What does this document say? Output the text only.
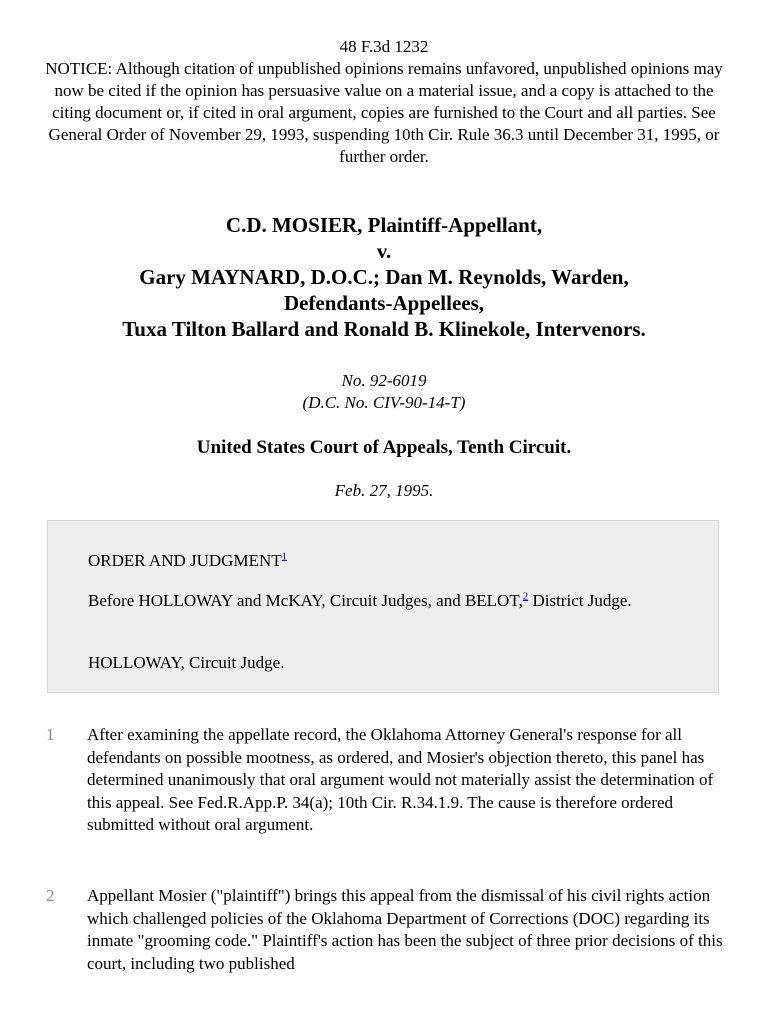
48 F.3d 1232
NOTICE: Although citation of unpublished opinions remains unfavored, unpublished opinions may now be cited if the opinion has persuasive value on a material issue, and a copy is attached to the citing document or, if cited in oral argument, copies are furnished to the Court and all parties. See General Order of November 29, 1993, suspending 10th Cir. Rule 36.3 until December 31, 1995, or further order.
C.D. MOSIER, Plaintiff-Appellant,
v.
Gary MAYNARD, D.O.C.; Dan M. Reynolds, Warden,
Defendants-Appellees,
Tuxa Tilton Ballard and Ronald B. Klinekole, Intervenors.
No. 92-6019
(D.C. No. CIV-90-14-T)
United States Court of Appeals, Tenth Circuit.
Feb. 27, 1995.
ORDER AND JUDGMENT$^1$
Before HOLLOWAY and McKAY, Circuit Judges, and BELOT,$^2$ District Judge.
HOLLOWAY, Circuit Judge.
1 After examining the appellate record, the Oklahoma Attorney General's response for all defendants on possible mootness, as ordered, and Mosier's objection thereto, this panel has determined unanimously that oral argument would not materially assist the determination of this appeal. See Fed.R.App.P. 34(a); 10th Cir. R.34.1.9. The cause is therefore ordered submitted without oral argument.
2 Appellant Mosier ("plaintiff") brings this appeal from the dismissal of his civil rights action which challenged policies of the Oklahoma Department of Corrections (DOC) regarding its inmate "grooming code." Plaintiff's action has been the subject of three prior decisions of this court, including two published
